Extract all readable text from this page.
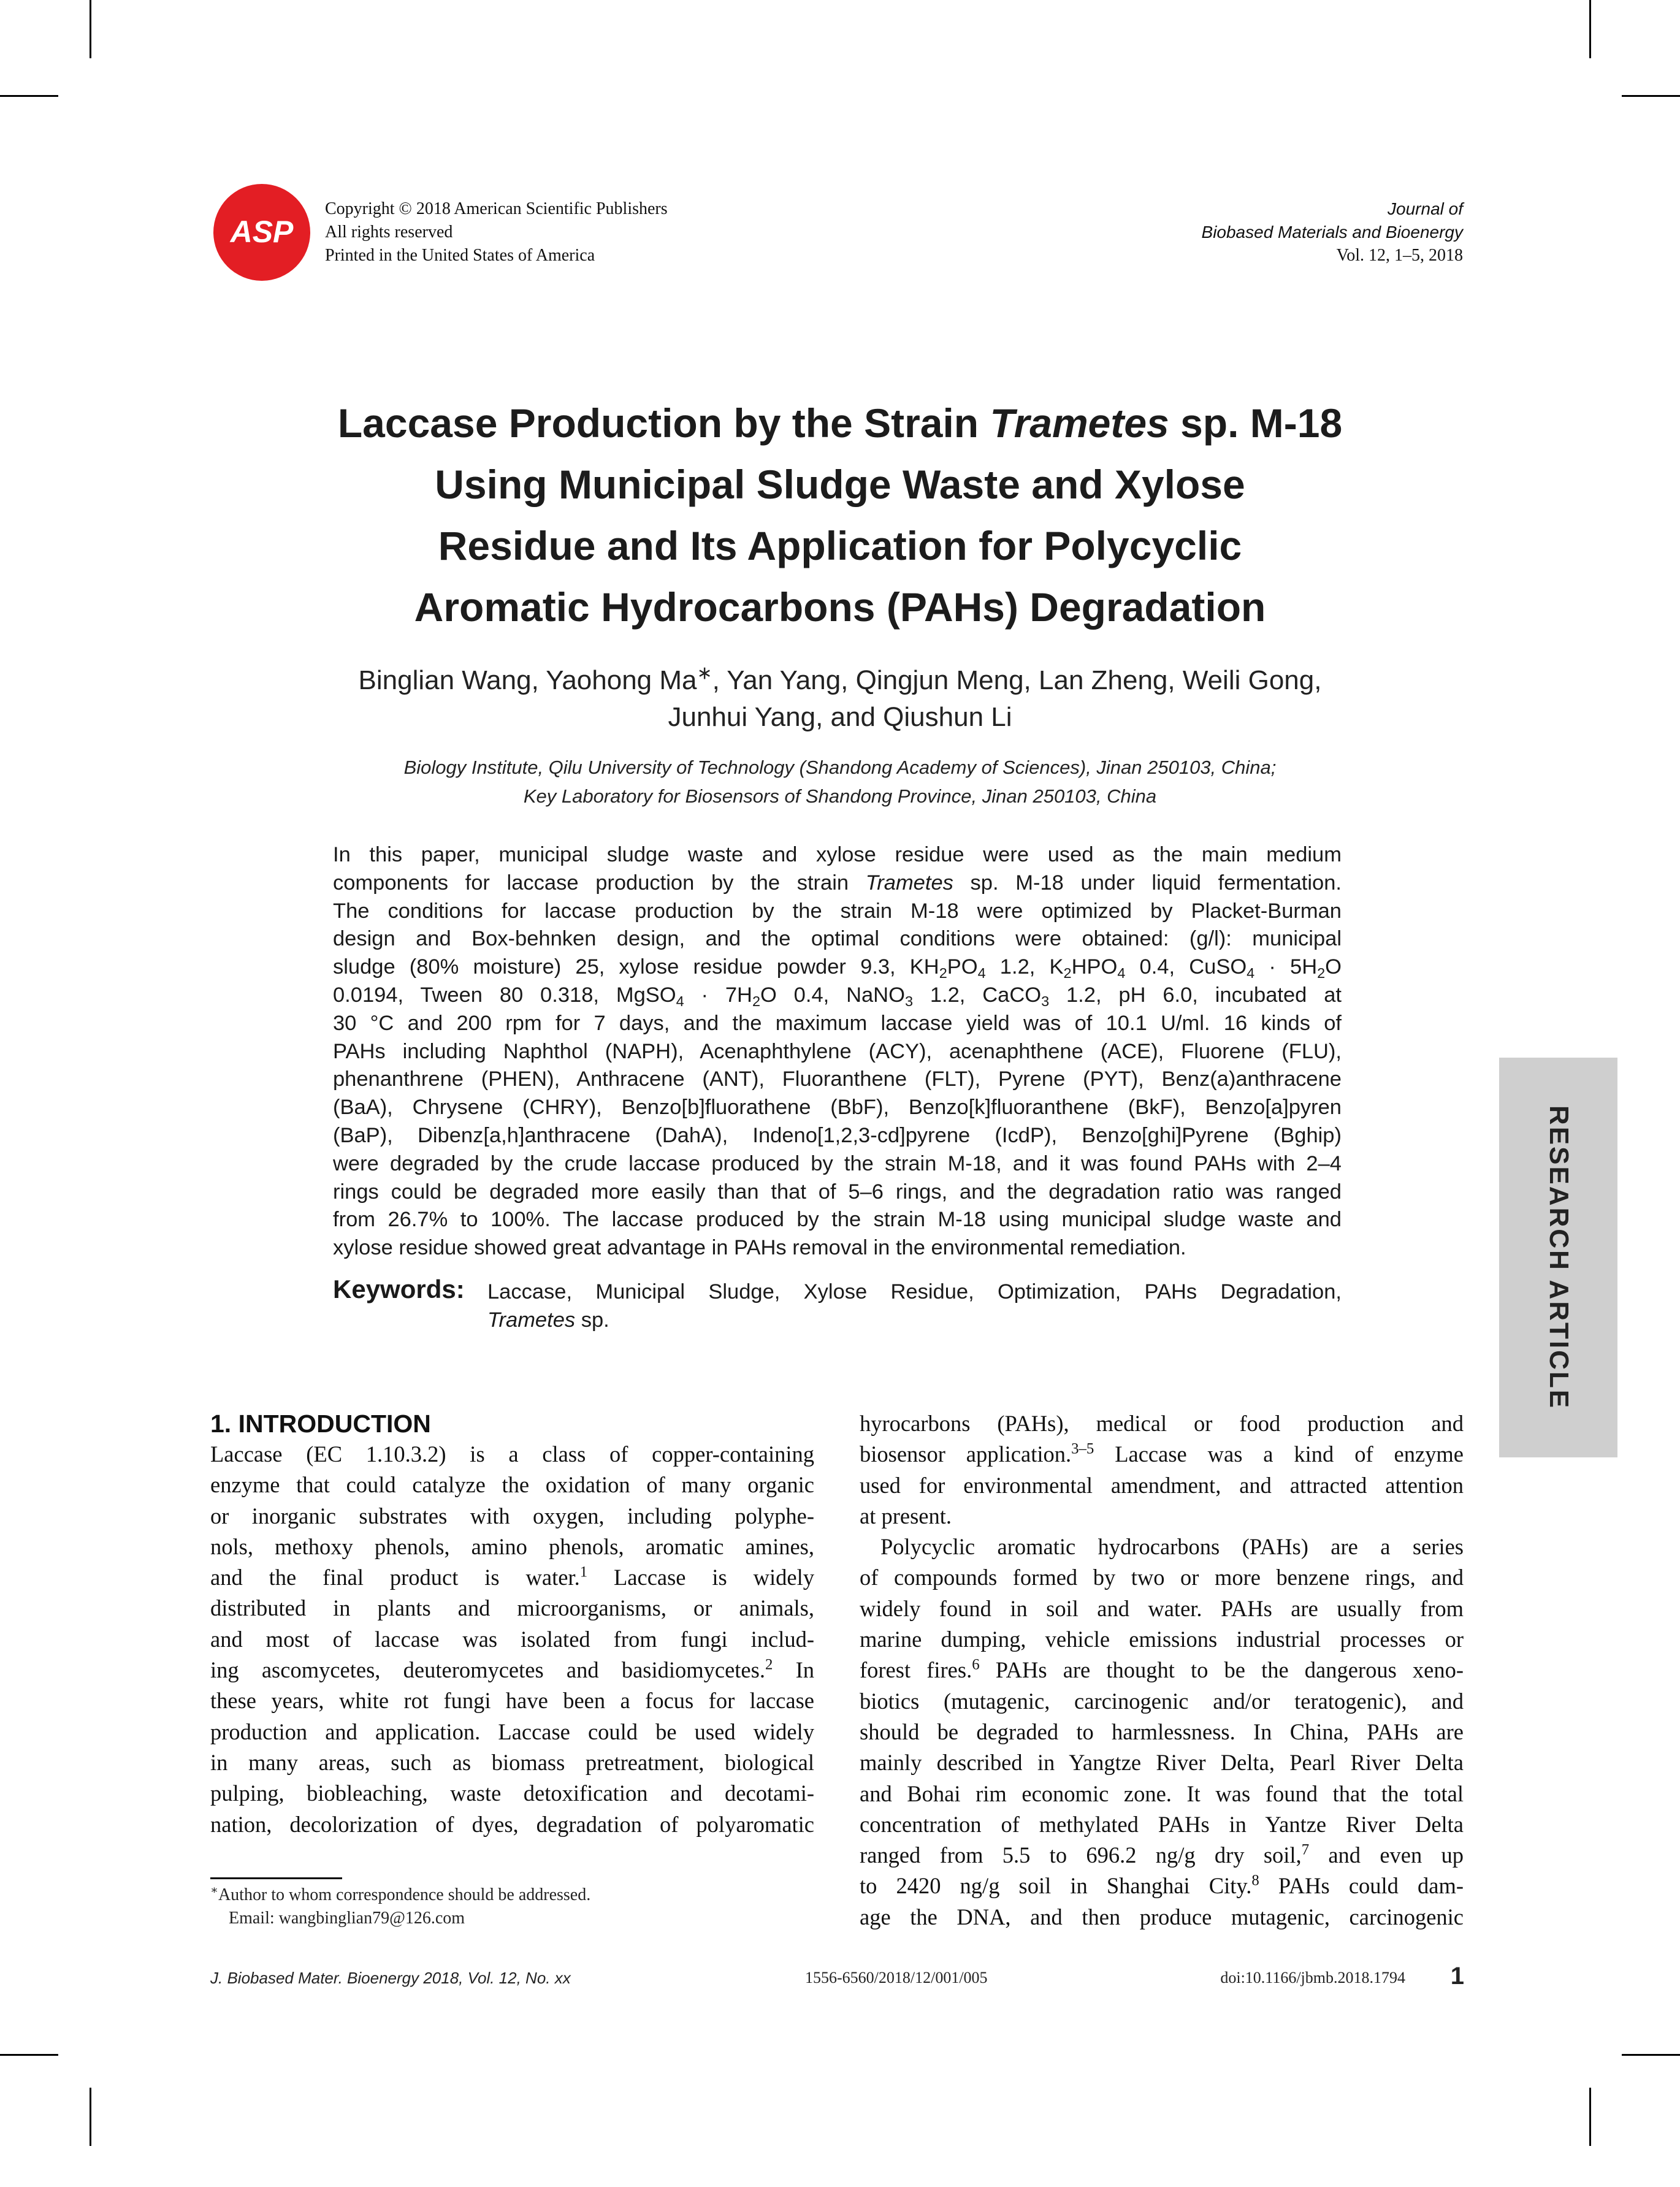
ASP
Copyright © 2018 American Scientific Publishers
All rights reserved
Printed in the United States of America
Journal of
Biobased Materials and Bioenergy
Vol. 12, 1–5, 2018
Laccase Production by the Strain Trametes sp. M-18
Using Municipal Sludge Waste and Xylose
Residue and Its Application for Polycyclic
Aromatic Hydrocarbons (PAHs) Degradation
Binglian Wang, Yaohong Ma∗, Yan Yang, Qingjun Meng, Lan Zheng, Weili Gong,
Junhui Yang, and Qiushun Li
Biology Institute, Qilu University of Technology (Shandong Academy of Sciences), Jinan 250103, China;
Key Laboratory for Biosensors of Shandong Province, Jinan 250103, China
In this paper, municipal sludge waste and xylose residue were used as the main medium
components for laccase production by the strain Trametes sp. M-18 under liquid fermentation.
The conditions for laccase production by the strain M-18 were optimized by Placket-Burman
design and Box-behnken design, and the optimal conditions were obtained: (g/l): municipal
sludge (80% moisture) 25, xylose residue powder 9.3, $KH_2PO_4$ 1.2, $K_2HPO_4$ 0.4, CuSO$_4$ · $5H_2O$
0.0194, Tween 80 0.318, MgSO$_4$ · $7H_2O$ 0.4, NaNO$_3$ 1.2, CaCO$_3$ 1.2, pH 6.0, incubated at
30 °C and 200 rpm for 7 days, and the maximum laccase yield was of 10.1 U/ml. 16 kinds of
PAHs including Naphthol (NAPH), Acenaphthylene (ACY), acenaphthene (ACE), Fluorene (FLU),
phenanthrene (PHEN), Anthracene (ANT), Fluoranthene (FLT), Pyrene (PYT), Benz(a)anthracene
(BaA), Chrysene (CHRY), Benzo[b]fluorathene (BbF), Benzo[k]fluoranthene (BkF), Benzo[a]pyren
(BaP), Dibenz[a,h]anthracene (DahA), Indeno[1,2,3-cd]pyrene (IcdP), Benzo[ghi]Pyrene (Bghip)
were degraded by the crude laccase produced by the strain M-18, and it was found PAHs with 2–4
rings could be degraded more easily than that of 5–6 rings, and the degradation ratio was ranged
from 26.7% to 100%. The laccase produced by the strain M-18 using municipal sludge waste and
xylose residue showed great advantage in PAHs removal in the environmental remediation.
Keywords: Laccase, Municipal Sludge, Xylose Residue, Optimization, PAHs Degradation,
Trametes sp.	RESEARCH ARTICLE
1. INTRODUCTION
Laccase (EC 1.10.3.2) is a class of copper-containing
enzyme that could catalyze the oxidation of many organic
or inorganic substrates with oxygen, including polyphe-
nols, methoxy phenols, amino phenols, aromatic amines,
and the final product is water.$^1$ Laccase is widely
distributed in plants and microorganisms, or animals,
and most of laccase was isolated from fungi includ-
ing ascomycetes, deuteromycetes and basidiomycetes.$^2$ In
these years, white rot fungi have been a focus for laccase
production and application. Laccase could be used widely
in many areas, such as biomass pretreatment, biological
pulping, biobleaching, waste detoxification and decotami-
nation, decolorization of dyes, degradation of polyaromatic
hyrocarbons (PAHs), medical or food production and
biosensor application.$^{3-5}$ Laccase was a kind of enzyme
used for environmental amendment, and attracted attention
at present.
Polycyclic aromatic hydrocarbons (PAHs) are a series
of compounds formed by two or more benzene rings, and
widely found in soil and water. PAHs are usually from
marine dumping, vehicle emissions industrial processes or
forest fires.$^6$ PAHs are thought to be the dangerous xeno-
biotics (mutagenic, carcinogenic and/or teratogenic), and
should be degraded to harmlessness. In China, PAHs are
mainly described in Yangtze River Delta, Pearl River Delta
and Bohai rim economic zone. It was found that the total
concentration of methylated PAHs in Yantze River Delta
ranged from 5.5 to 696.2 ng/g dry soil,$^7$ and even up
to 2420 ng/g soil in Shanghai City.$^8$ PAHs could dam-
age the DNA, and then produce mutagenic, carcinogenic
∗Author to whom correspondence should be addressed.
Email: wangbinglian79@126.com
J. Biobased Mater. Bioenergy 2018, Vol. 12, No. xx	1556-6560/2018/12/001/005	doi:10.1166/jbmb.2018.1794 1
